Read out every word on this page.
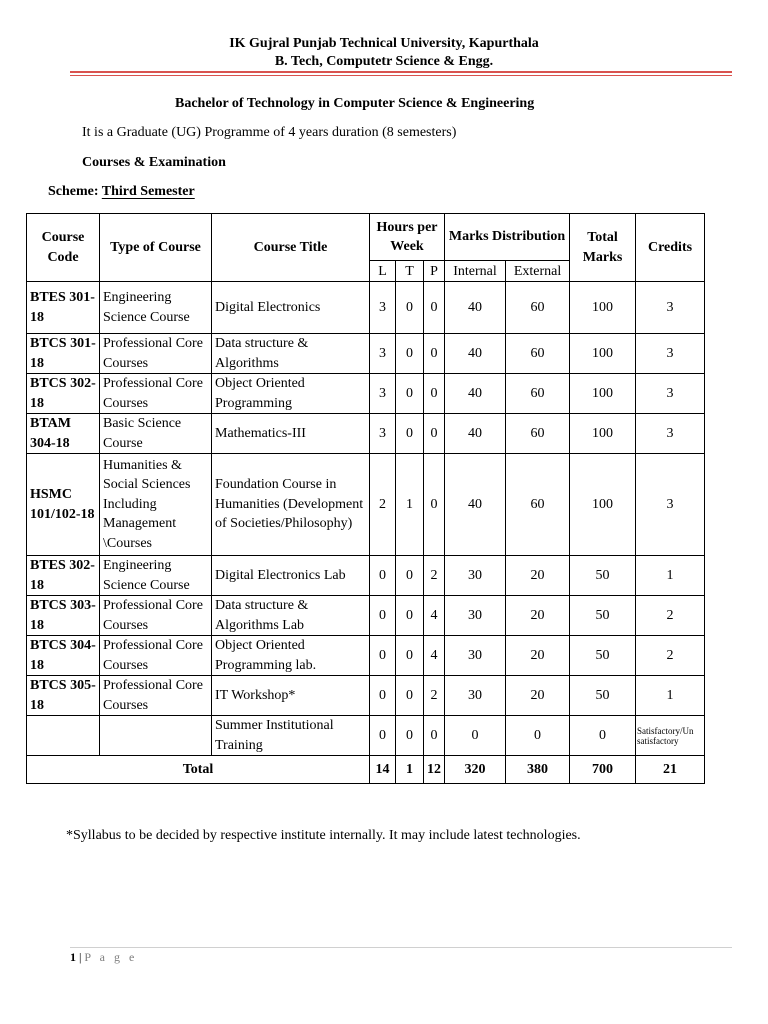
IK Gujral Punjab Technical University, Kapurthala
B. Tech, Computetr Science & Engg.
Bachelor of Technology in Computer Science & Engineering
It is a Graduate (UG) Programme of 4 years duration (8 semesters)
Courses & Examination
Scheme: Third Semester
Course Code	Type of Course	Course Title	Hours per Week			Marks Distribution		Total Marks	Credits
			L	T	P	Internal	External		
BTES 301-18	Engineering Science Course	Digital Electronics	3	0	0	40	60	100	3
BTCS 301-18	Professional Core Courses	Data structure & Algorithms	3	0	0	40	60	100	3
BTCS 302-18	Professional Core Courses	Object Oriented Programming	3	0	0	40	60	100	3
BTAM 304-18	Basic Science Course	Mathematics-III	3	0	0	40	60	100	3
HSMC 101/102-18	Humanities & Social Sciences Including Management \Courses	Foundation Course in Humanities (Development of Societies/Philosophy)	2	1	0	40	60	100	3
BTES 302-18	Engineering Science Course	Digital Electronics Lab	0	0	2	30	20	50	1
BTCS 303-18	Professional Core Courses	Data structure & Algorithms Lab	0	0	4	30	20	50	2
BTCS 304-18	Professional Core Courses	Object Oriented Programming lab.	0	0	4	30	20	50	2
BTCS 305-18	Professional Core Courses	IT Workshop*	0	0	2	30	20	50	1
		Summer Institutional Training	0	0	0	0	0	0	Satisfactory/Un satisfactory
Total			14	1	12	320	380	700	21
*Syllabus to be decided by respective institute internally. It may include latest technologies.
1 | P a g e
